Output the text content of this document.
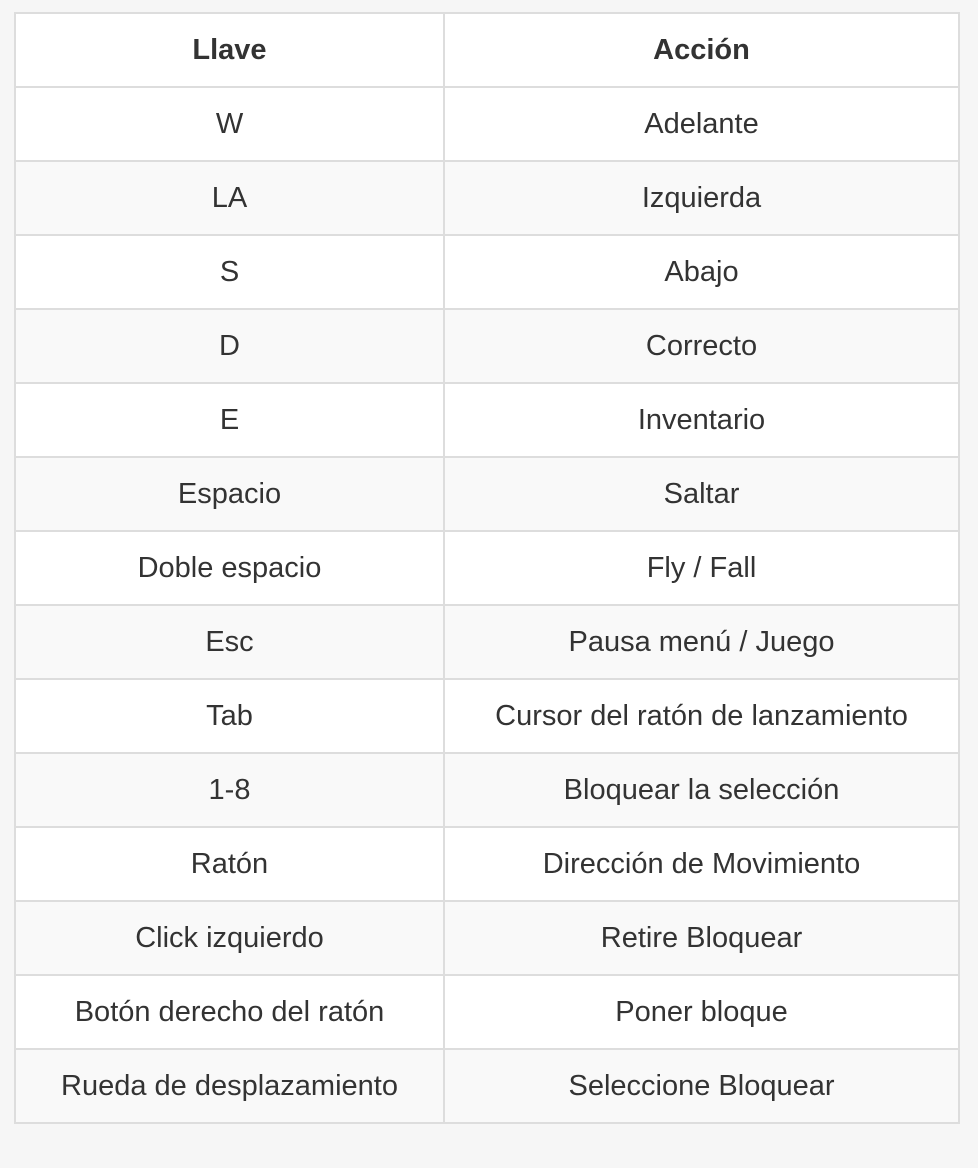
Llave	Acción
W	Adelante
LA	Izquierda
S	Abajo
D	Correcto
E	Inventario
Espacio	Saltar
Doble espacio	Fly / Fall
Esc	Pausa menú / Juego
Tab	Cursor del ratón de lanzamiento
1-8	Bloquear la selección
Ratón	Dirección de Movimiento
Click izquierdo	Retire Bloquear
Botón derecho del ratón	Poner bloque
Rueda de desplazamiento	Seleccione Bloquear
